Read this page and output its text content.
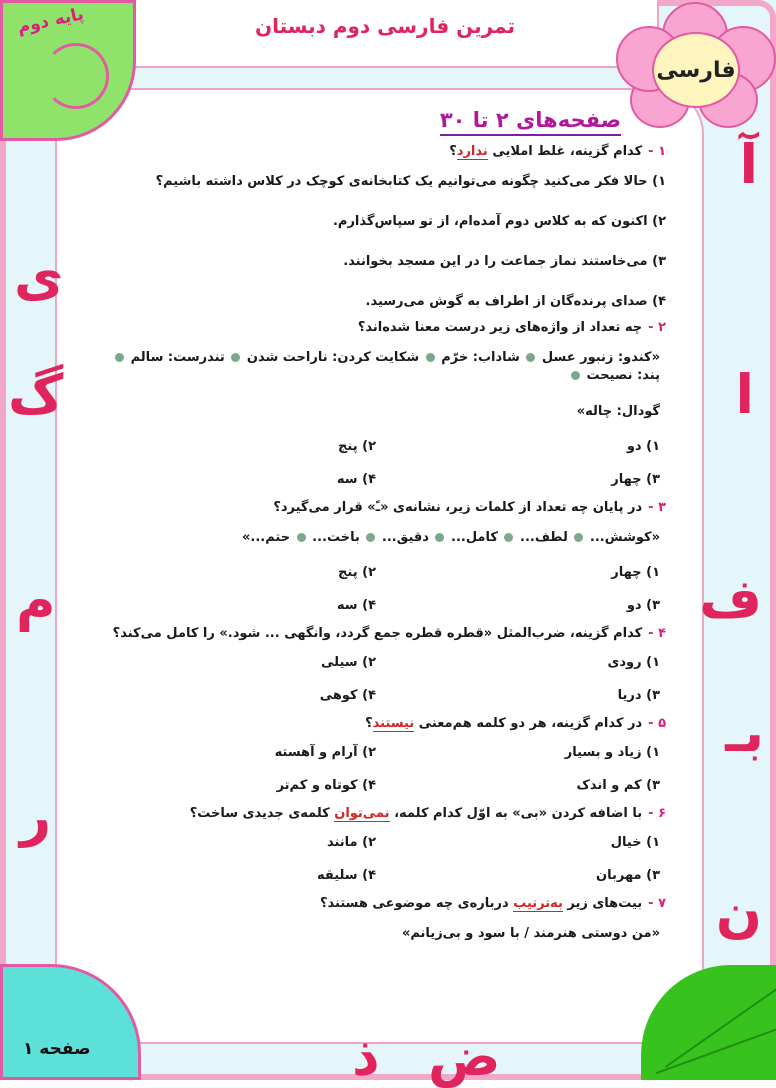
پایه دوم
فارسی
صفحه ۱
آ
ا
ف
بـ
ن
ی
گ
م
ر
ض
ذ
تمرین فارسی دوم دبستان
صفحه‌های ۲ تا ۳۰
۱ -کدام گزینه، غلط املایی ندارد؟
۱) حالا فکر می‌کنید چگونه می‌توانیم یک کتابخانه‌ی کوچک در کلاس داشته باشیم؟
۲) اکنون که به کلاس دوم آمده‌ام، از تو سپاس‌گذارم.
۳) می‌خاستند نماز جماعت را در این مسجد بخوانند.
۴) صدای پرنده‌گان از اطراف به گوش می‌رسید.
۲ -چه تعداد از واژه‌های زیر درست معنا شده‌اند؟
«کندو: زنبور عسل  شاداب: خرّم  شکایت کردن: ناراحت شدن  تندرست: سالم  پند: نصیحت
گودال: چاله»
۱) دو
۲) پنج
۳) چهار
۴) سه
۳ -در پایان چه تعداد از کلمات زیر، نشانه‌ی «ـً» قرار می‌گیرد؟
«کوشش...  لطف...  کامل...  دقیق...  باخت...  حتم...»
۱) چهار
۲) پنج
۳) دو
۴) سه
۴ -کدام گزینه، ضرب‌المثل «قطره قطره جمع گردد، وانگهی ... شود.» را کامل می‌کند؟
۱) رودی
۲) سیلی
۳) دریا
۴) کوهی
۵ -در کدام گزینه، هر دو کلمه هم‌معنی نیستند؟
۱) زیاد و بسیار
۲) آرام و آهسته
۳) کم و اندک
۴) کوتاه و کم‌تر
۶ -با اضافه کردن «بی» به اوّل کدام کلمه، نمی‌توان کلمه‌ی جدیدی ساخت؟
۱) خیال
۲) مانند
۳) مهربان
۴) سلیقه
۷ -بیت‌های زیر به‌ترتیب درباره‌ی چه موضوعی هستند؟
«من دوستی هنرمند / با سود و بی‌زیانم»
